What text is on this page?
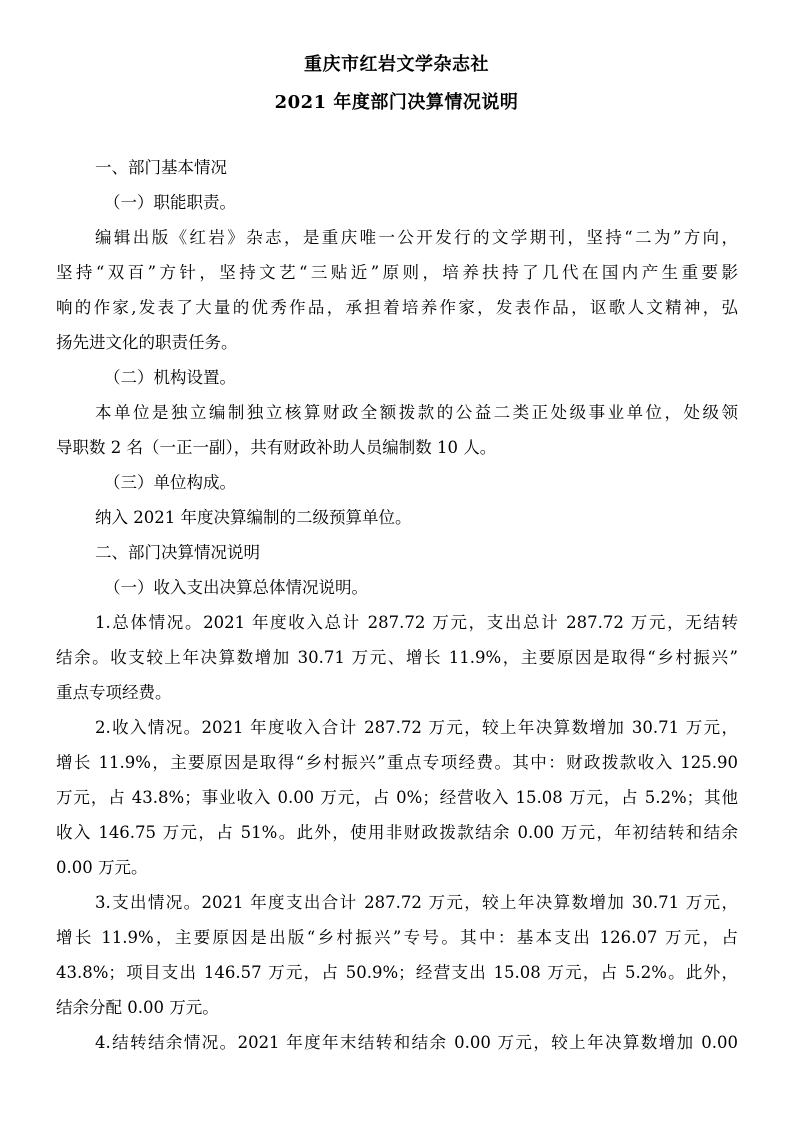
重庆市红岩文学杂志社
2021 年度部门决算情况说明
一、部门基本情况
（一）职能职责。
编辑出版《红岩》杂志，是重庆唯一公开发行的文学期刊，坚持“二为”方向，
坚持“双百”方针，坚持文艺“三贴近”原则，培养扶持了几代在国内产生重要影
响的作家,发表了大量的优秀作品，承担着培养作家，发表作品，讴歌人文精神，弘
扬先进文化的职责任务。
（二）机构设置。
本单位是独立编制独立核算财政全额拨款的公益二类正处级事业单位，处级领
导职数 2 名（一正一副），共有财政补助人员编制数 10 人。
（三）单位构成。
纳入 2021 年度决算编制的二级预算单位。
二、部门决算情况说明
（一）收入支出决算总体情况说明。
1.总体情况。2021 年度收入总计 287.72 万元，支出总计 287.72 万元，无结转
结余。收支较上年决算数增加 30.71 万元、增长 11.9%，主要原因是取得“乡村振兴”
重点专项经费。
2.收入情况。2021 年度收入合计 287.72 万元，较上年决算数增加 30.71 万元，
增长 11.9%，主要原因是取得“乡村振兴”重点专项经费。其中：财政拨款收入 125.90
万元，占 43.8%；事业收入 0.00 万元，占 0%；经营收入 15.08 万元，占 5.2%；其他
收入 146.75 万元，占 51%。此外，使用非财政拨款结余 0.00 万元，年初结转和结余
0.00 万元。
3.支出情况。2021 年度支出合计 287.72 万元，较上年决算数增加 30.71 万元，
增长 11.9%，主要原因是出版“乡村振兴”专号。其中：基本支出 126.07 万元，占
43.8%；项目支出 146.57 万元，占 50.9%；经营支出 15.08 万元，占 5.2%。此外，
结余分配 0.00 万元。
4.结转结余情况。2021 年度年末结转和结余 0.00 万元，较上年决算数增加 0.00
